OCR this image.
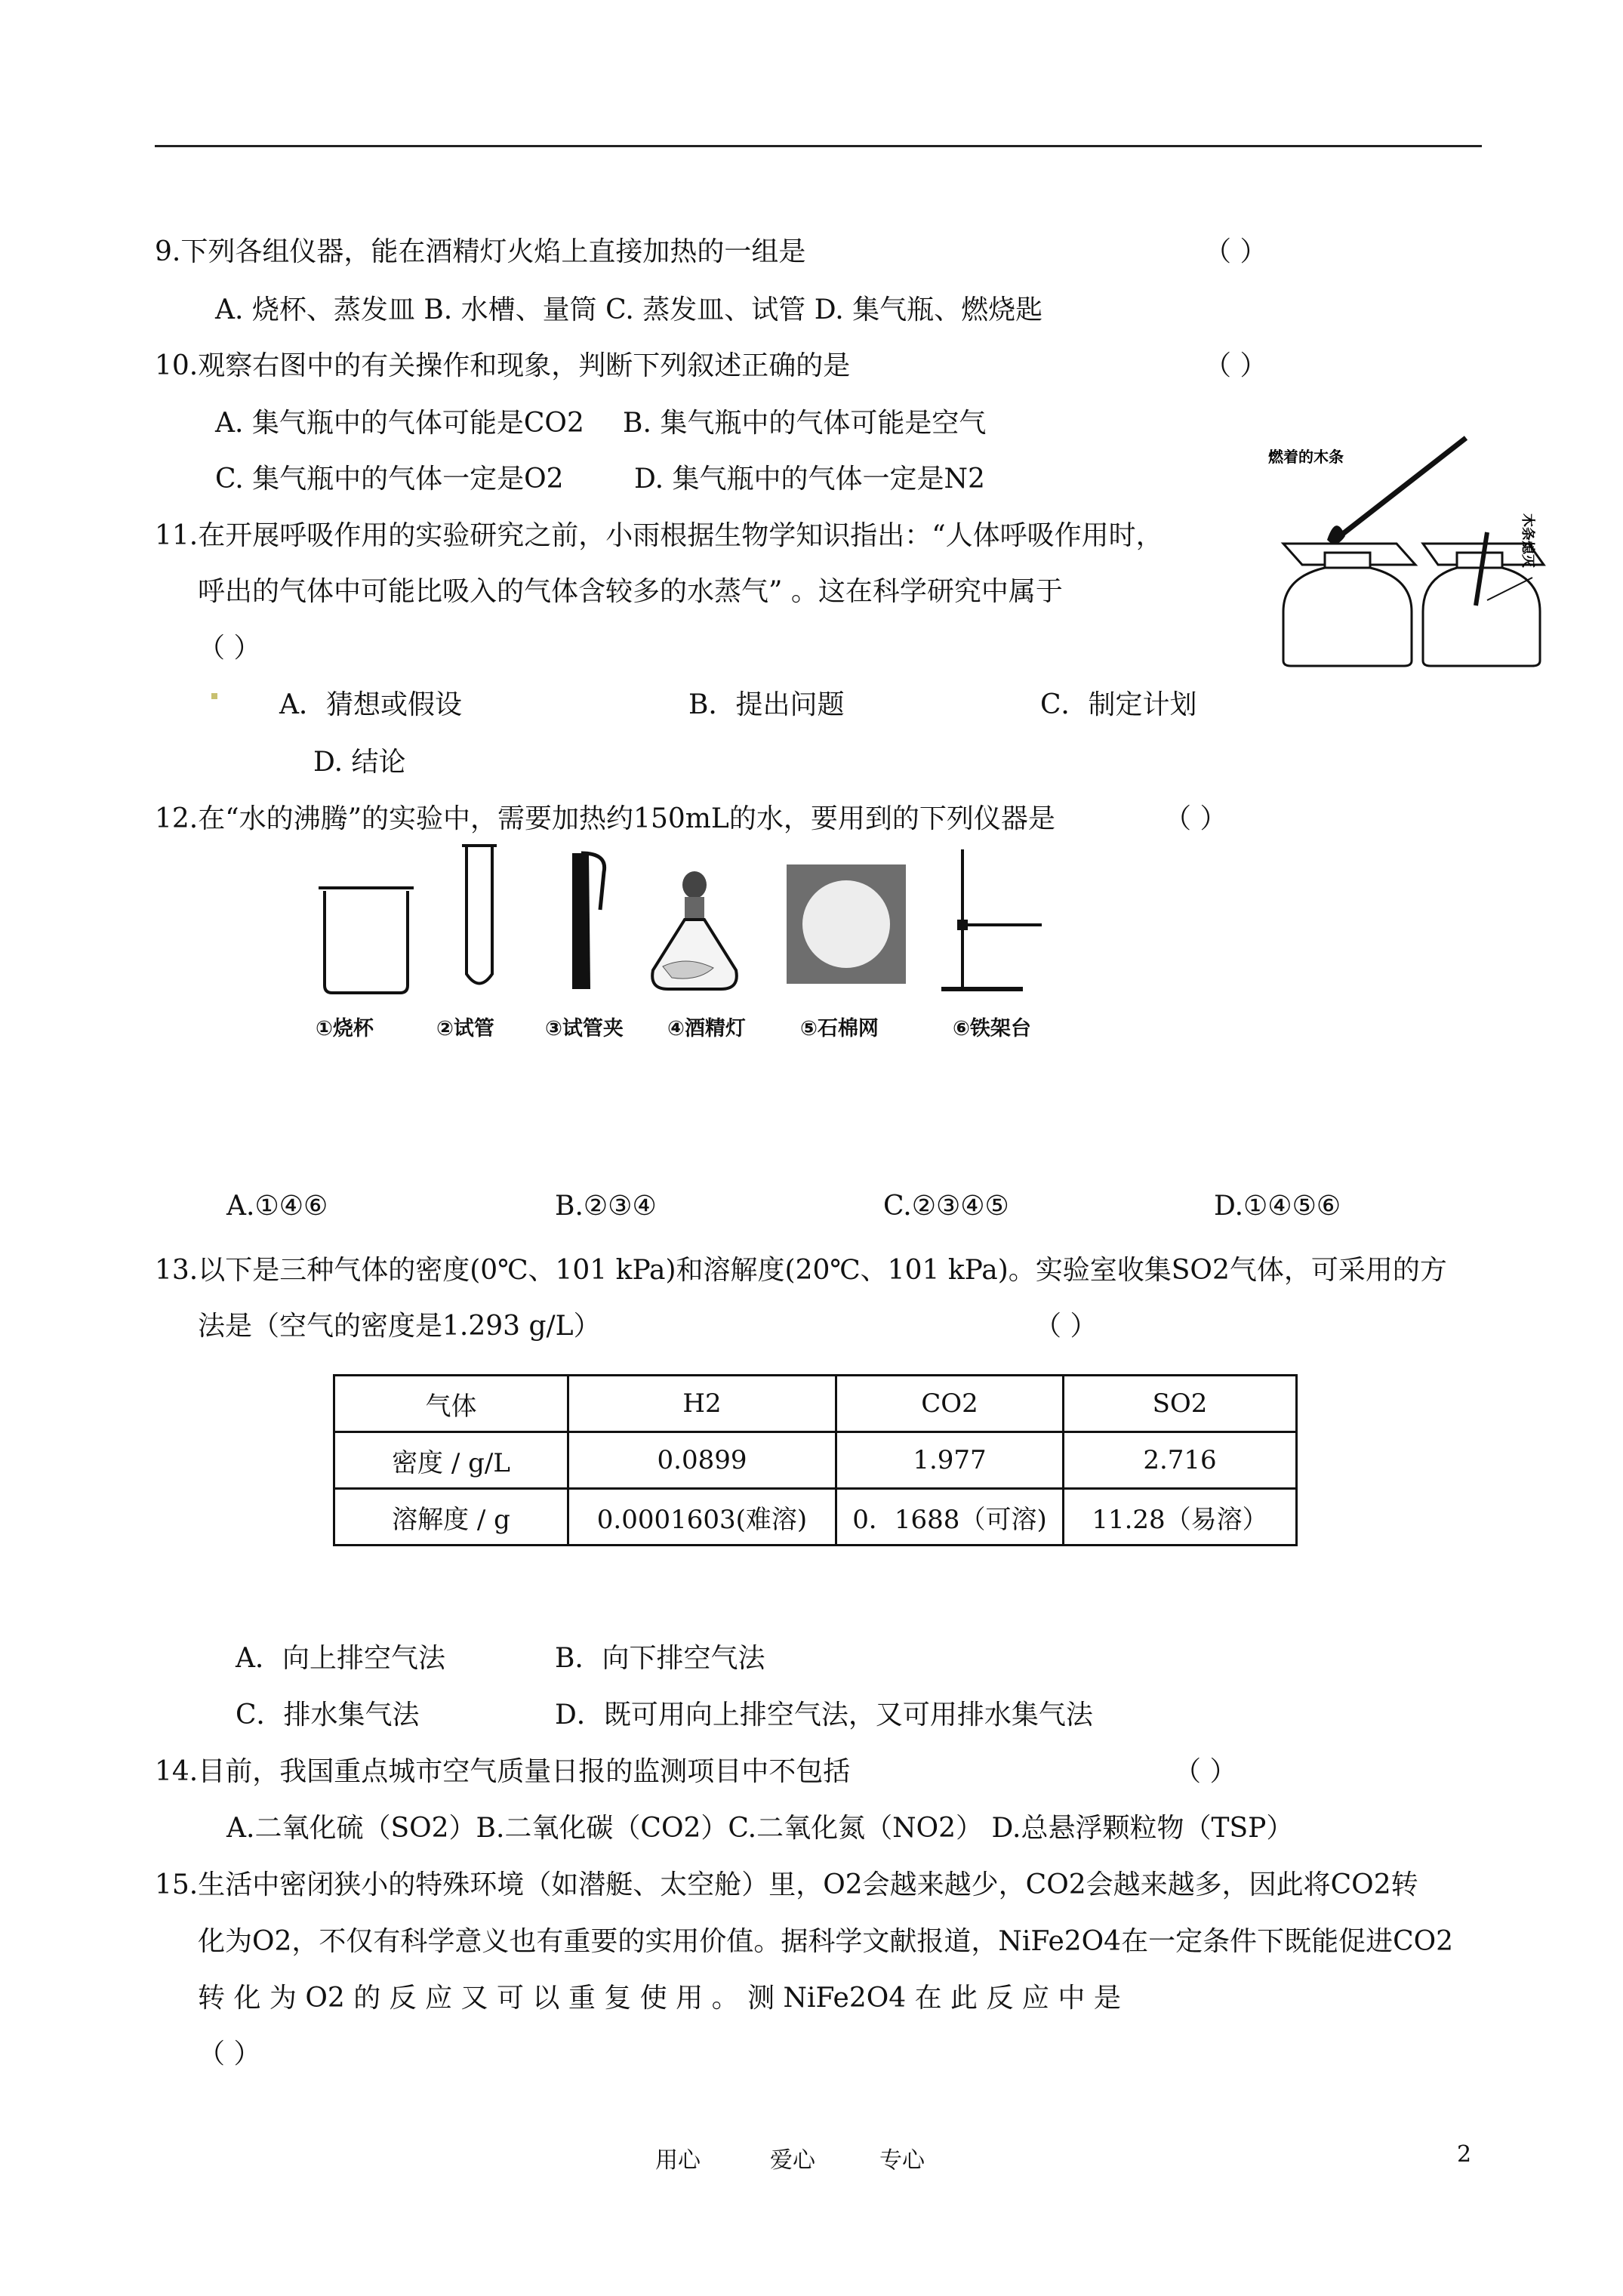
9.下列各组仪器，能在酒精灯火焰上直接加热的一组是	（ ）
A. 烧杯、蒸发皿 B. 水槽、量筒 C. 蒸发皿、试管 D. 集气瓶、燃烧匙
10.观察右图中的有关操作和现象，判断下列叙述正确的是	（ ）
A. 集气瓶中的气体可能是CO2 B. 集气瓶中的气体可能是空气
C. 集气瓶中的气体一定是O2	D. 集气瓶中的气体一定是N2
燃着的木条
木条熄灭
11.在开展呼吸作用的实验研究之前，小雨根据生物学知识指出：“人体呼吸作用时，
呼出的气体中可能比吸入的气体含较多的水蒸气” 。这在科学研究中属于
（ ）
A．猜想或假设	B．提出问题	C．制定计划
D. 结论
12.在“水的沸腾”的实验中，需要加热约150mL的水，要用到的下列仪器是	（ ）
①烧杯	②试管 ③试管夹 ④酒精灯	⑤石棉网	⑥铁架台
A.①④⑥	B.②③④	C.②③④⑤	D.①④⑤⑥
13.以下是三种气体的密度(0℃、101 kPa)和溶解度(20℃、101 kPa)。实验室收集SO2气体，可采用的方
法是（空气的密度是1.293 g/L）	（ ）
气体	H2	CO2	SO2
密度 / g/L	0.0899	1.977	2.716
溶解度 / g	0.0001603(难溶)	0．1688（可溶)	11.28（易溶）
A．向上排空气法	B．向下排空气法
C．排水集气法	D．既可用向上排空气法，又可用排水集气法
14.目前，我国重点城市空气质量日报的监测项目中不包括	（ ）
A.二氧化硫（SO2）B.二氧化碳（CO2）C.二氧化氮（NO2） D.总悬浮颗粒物（TSP）
15.生活中密闭狭小的特殊环境（如潜艇、太空舱）里，O2会越来越少，CO2会越来越多，因此将CO2转
化为O2，不仅有科学意义也有重要的实用价值。据科学文献报道，NiFe2O4在一定条件下既能促进CO2
转 化 为 O2 的 反 应 又 可 以 重 复 使 用 。 测 NiFe2O4 在 此 反 应 中 是
（ ）
用心	爱心	专心	2
